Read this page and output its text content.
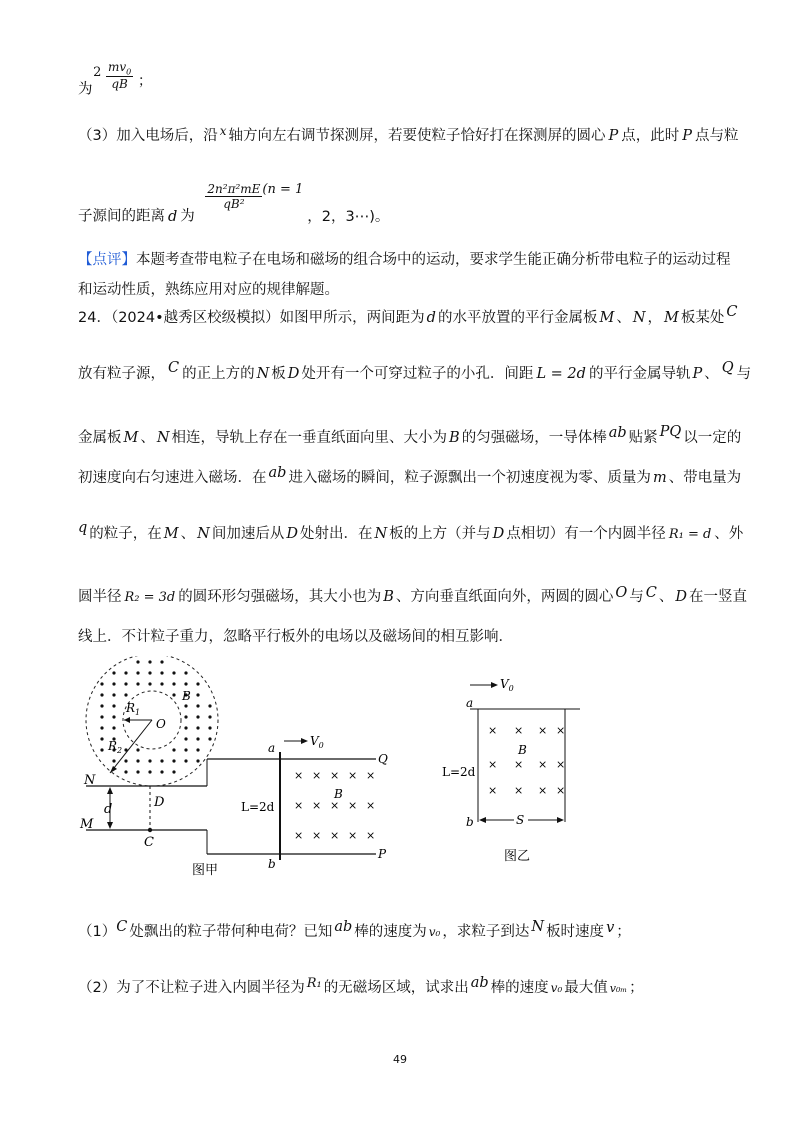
为 $2 \frac{mv_0}{qB}$ ；
（3）加入电场后，沿 $^x$ 轴方向左右调节探测屏，若要使粒子恰好打在探测屏的圆心 P 点，此时 P 点与粒
子源间的距离 d 为
$\frac{\text{2n²π²mE}}{\text{qB²}} (n = 1$，2，3⋯)。
【点评】本题考查带电粒子在电场和磁场的组合场中的运动，要求学生能正确分析带电粒子的运动过程
和运动性质，熟练应用对应的规律解题。
24．（2024•越秀区校级模拟）如图甲所示，两间距为 d 的水平放置的平行金属板 M 、 N ， M 板某处 C
放有粒子源， C 的正上方的 N 板 D 处开有一个可穿过粒子的小孔．间距 L = 2d 的平行金属导轨 P 、 Q 与
金属板 M 、 N 相连，导轨上存在一垂直纸面向里、大小为 B 的匀强磁场，一导体棒 ab 贴紧 PQ 以一定的
初速度向右匀速进入磁场．在 ab 进入磁场的瞬间，粒子源飘出一个初速度视为零、质量为 m 、带电量为
q 的粒子，在 M 、 N 间加速后从 D 处射出．在 N 板的上方（并与 D 点相切）有一个内圆半径 R₁ = d 、外
圆半径 R₂ = 3d 的圆环形匀强磁场，其大小也为 B 、方向垂直纸面向外，两圆的圆心 O 与 C 、 D 在一竖直
线上．不计粒子重力，忽略平行板外的电场以及磁场间的相互影响．
$R_1$
O
B
$R_2$
N
M
d	D
C
a
b
$V_0$
Q
P
L=2d
B
×
×
×
×
×
×
×
×
×
×
×
×
×
×
×
图甲
$V_0$
a
b
L=2d
B
×
×
×
×
×
×
×
×
×
×
×
×
S
图乙
（1）C 处飘出的粒子带何种电荷？已知 ab 棒的速度为 v₀ ，求粒子到达 N 板时速度 v ；
（2）为了不让粒子进入内圆半径为 R₁ 的无磁场区域，试求出 ab 棒的速度 v₀ 最大值 v₀ₘ ；
49
